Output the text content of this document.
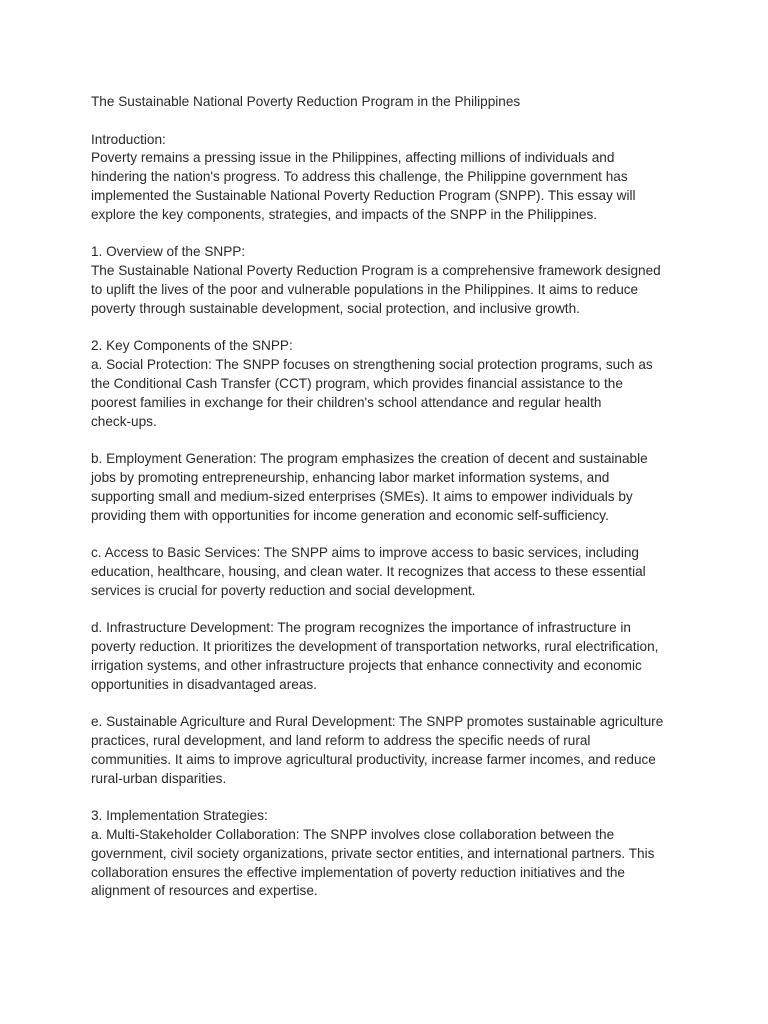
The Sustainable National Poverty Reduction Program in the Philippines
Introduction:
Poverty remains a pressing issue in the Philippines, affecting millions of individuals and
hindering the nation's progress. To address this challenge, the Philippine government has
implemented the Sustainable National Poverty Reduction Program (SNPP). This essay will
explore the key components, strategies, and impacts of the SNPP in the Philippines.
1. Overview of the SNPP:
The Sustainable National Poverty Reduction Program is a comprehensive framework designed
to uplift the lives of the poor and vulnerable populations in the Philippines. It aims to reduce
poverty through sustainable development, social protection, and inclusive growth.
2. Key Components of the SNPP:
a. Social Protection: The SNPP focuses on strengthening social protection programs, such as
the Conditional Cash Transfer (CCT) program, which provides financial assistance to the
poorest families in exchange for their children's school attendance and regular health
check-ups.
b. Employment Generation: The program emphasizes the creation of decent and sustainable
jobs by promoting entrepreneurship, enhancing labor market information systems, and
supporting small and medium-sized enterprises (SMEs). It aims to empower individuals by
providing them with opportunities for income generation and economic self-sufficiency.
c. Access to Basic Services: The SNPP aims to improve access to basic services, including
education, healthcare, housing, and clean water. It recognizes that access to these essential
services is crucial for poverty reduction and social development.
d. Infrastructure Development: The program recognizes the importance of infrastructure in
poverty reduction. It prioritizes the development of transportation networks, rural electrification,
irrigation systems, and other infrastructure projects that enhance connectivity and economic
opportunities in disadvantaged areas.
e. Sustainable Agriculture and Rural Development: The SNPP promotes sustainable agriculture
practices, rural development, and land reform to address the specific needs of rural
communities. It aims to improve agricultural productivity, increase farmer incomes, and reduce
rural-urban disparities.
3. Implementation Strategies:
a. Multi-Stakeholder Collaboration: The SNPP involves close collaboration between the
government, civil society organizations, private sector entities, and international partners. This
collaboration ensures the effective implementation of poverty reduction initiatives and the
alignment of resources and expertise.
